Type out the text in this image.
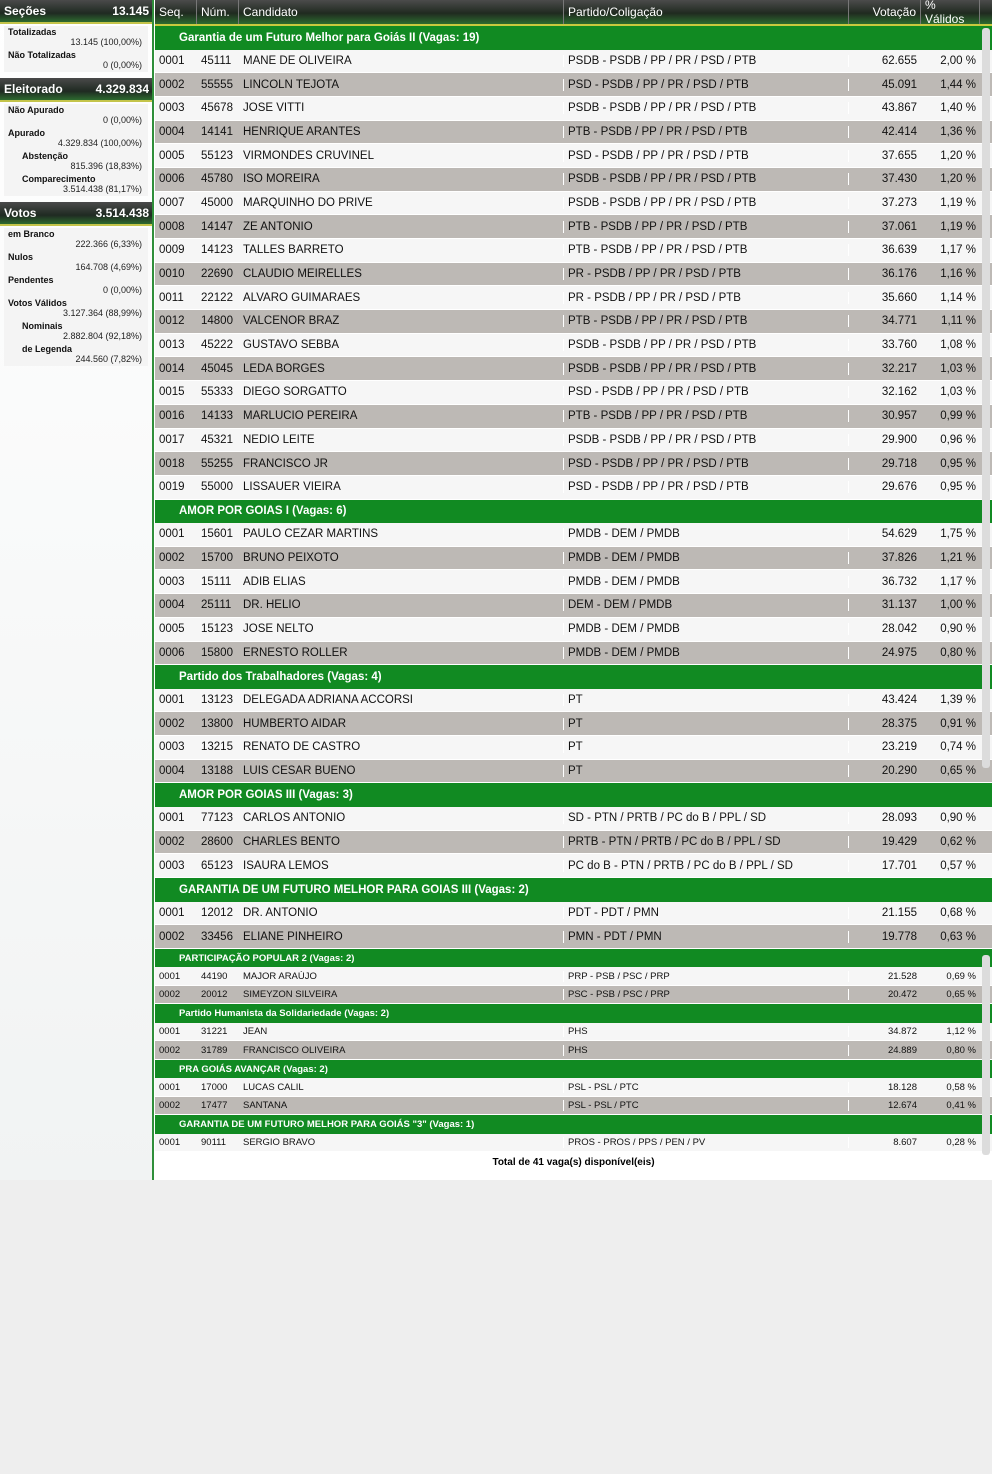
Seções	13.145
Totalizadas
13.145 (100,00%)
Não Totalizadas
0 (0,00%)
Eleitorado	4.329.834
Não Apurado
0 (0,00%)
Apurado
4.329.834 (100,00%)
Abstenção
815.396 (18,83%)
Comparecimento
3.514.438 (81,17%)
Votos	3.514.438
em Branco
222.366 (6,33%)
Nulos
164.708 (4,69%)
Pendentes
0 (0,00%)
Votos Válidos
3.127.364 (88,99%)
Nominais
2.882.804 (92,18%)
de Legenda
244.560 (7,82%)
Seq.	Núm.	Candidato	Partido/Coligação	Votação % Válidos
Garantia de um Futuro Melhor para Goiás II (Vagas: 19)
0001	45111	MANÉ DE OLIVEIRA	PSDB - PSDB / PP / PR / PSD / PTB	62.655	2,00 %
0002	55555 LINCOLN TEJOTA	PSD - PSDB / PP / PR / PSD / PTB	45.091	1,44 %
0003	45678 JOSÉ VITTI	PSDB - PSDB / PP / PR / PSD / PTB	43.867	1,40 %
0004	14141 HENRIQUE ARANTES	PTB - PSDB / PP / PR / PSD / PTB	42.414	1,36 %
0005	55123 VIRMONDES CRUVINEL	PSD - PSDB / PP / PR / PSD / PTB	37.655	1,20 %
0006	45780 ISO MOREIRA	PSDB - PSDB / PP / PR / PSD / PTB	37.430	1,20 %
0007	45000 MARQUINHO DO PRIVÊ	PSDB - PSDB / PP / PR / PSD / PTB	37.273	1,19 %
0008	14147 ZÉ ANTÔNIO	PTB - PSDB / PP / PR / PSD / PTB	37.061	1,19 %
0009	14123 TALLES BARRETO	PTB - PSDB / PP / PR / PSD / PTB	36.639	1,17 %
0010	22690 CLÁUDIO MEIRELLES	PR - PSDB / PP / PR / PSD / PTB	36.176	1,16 %
0011	22122 ÁLVARO GUIMARÃES	PR - PSDB / PP / PR / PSD / PTB	35.660	1,14 %
0012	14800 VALCENOR BRAZ	PTB - PSDB / PP / PR / PSD / PTB	34.771	1,11 %
0013	45222 GUSTAVO SEBBA	PSDB - PSDB / PP / PR / PSD / PTB	33.760	1,08 %
0014	45045 LEDA BORGES	PSDB - PSDB / PP / PR / PSD / PTB	32.217	1,03 %
0015	55333 DIEGO SORGATTO	PSD - PSDB / PP / PR / PSD / PTB	32.162	1,03 %
0016	14133 MARLUCIO PEREIRA	PTB - PSDB / PP / PR / PSD / PTB	30.957	0,99 %
0017	45321 NÉDIO LEITE	PSDB - PSDB / PP / PR / PSD / PTB	29.900	0,96 %
0018	55255 FRANCISCO JR	PSD - PSDB / PP / PR / PSD / PTB	29.718	0,95 %
0019	55000 LISSAUER VIEIRA	PSD - PSDB / PP / PR / PSD / PTB	29.676	0,95 %
AMOR POR GOIAS I (Vagas: 6)
0001	15601 PAULO CEZAR MARTINS	PMDB - DEM / PMDB	54.629	1,75 %
0002	15700 BRUNO PEIXOTO	PMDB - DEM / PMDB	37.826	1,21 %
0003	15111	ADIB ELIAS	PMDB - DEM / PMDB	36.732	1,17 %
0004	25111	DR. HELIO	DEM - DEM / PMDB	31.137	1,00 %
0005	15123 JOSE NELTO	PMDB - DEM / PMDB	28.042	0,90 %
0006	15800 ERNESTO ROLLER	PMDB - DEM / PMDB	24.975	0,80 %
Partido dos Trabalhadores (Vagas: 4)
0001	13123 DELEGADA ADRIANA ACCORSI	PT	43.424	1,39 %
0002	13800 HUMBERTO AIDAR	PT	28.375	0,91 %
0003	13215 RENATO DE CASTRO	PT	23.219	0,74 %
0004	13188 LUÍS CÉSAR BUENO	PT	20.290	0,65 %
AMOR POR GOIAS III (Vagas: 3)
0001	77123 CARLOS ANTÔNIO	SD - PTN / PRTB / PC do B / PPL / SD	28.093	0,90 %
0002	28600 CHARLES BENTO	PRTB - PTN / PRTB / PC do B / PPL / SD	19.429	0,62 %
0003	65123 ISAURA LEMOS	PC do B - PTN / PRTB / PC do B / PPL / SD	17.701	0,57 %
GARANTIA DE UM FUTURO MELHOR PARA GOIAS III (Vagas: 2)
0001	12012 DR. ANTONIO	PDT - PDT / PMN	21.155	0,68 %
0002	33456 ELIANE PINHEIRO	PMN - PDT / PMN	19.778	0,63 %
PARTICIPAÇÃO POPULAR 2 (Vagas: 2)
0001	44190	MAJOR ARAÚJO	PRP - PSB / PSC / PRP	21.528	0,69 %
0002	20012	SIMEYZON SILVEIRA	PSC - PSB / PSC / PRP	20.472	0,65 %
Partido Humanista da Solidariedade (Vagas: 2)
0001	31221	JEAN	PHS	34.872	1,12 %
0002	31789	FRANCISCO OLIVEIRA	PHS	24.889	0,80 %
PRA GOIÁS AVANÇAR (Vagas: 2)
0001	17000	LUCAS CALIL	PSL - PSL / PTC	18.128	0,58 %
0002	17477	SANTANA	PSL - PSL / PTC	12.674	0,41 %
GARANTIA DE UM FUTURO MELHOR PARA GOIÁS "3" (Vagas: 1)
0001	90111	SERGIO BRAVO	PROS - PROS / PPS / PEN / PV	8.607	0,28 %
Total de 41 vaga(s) disponível(eis)
